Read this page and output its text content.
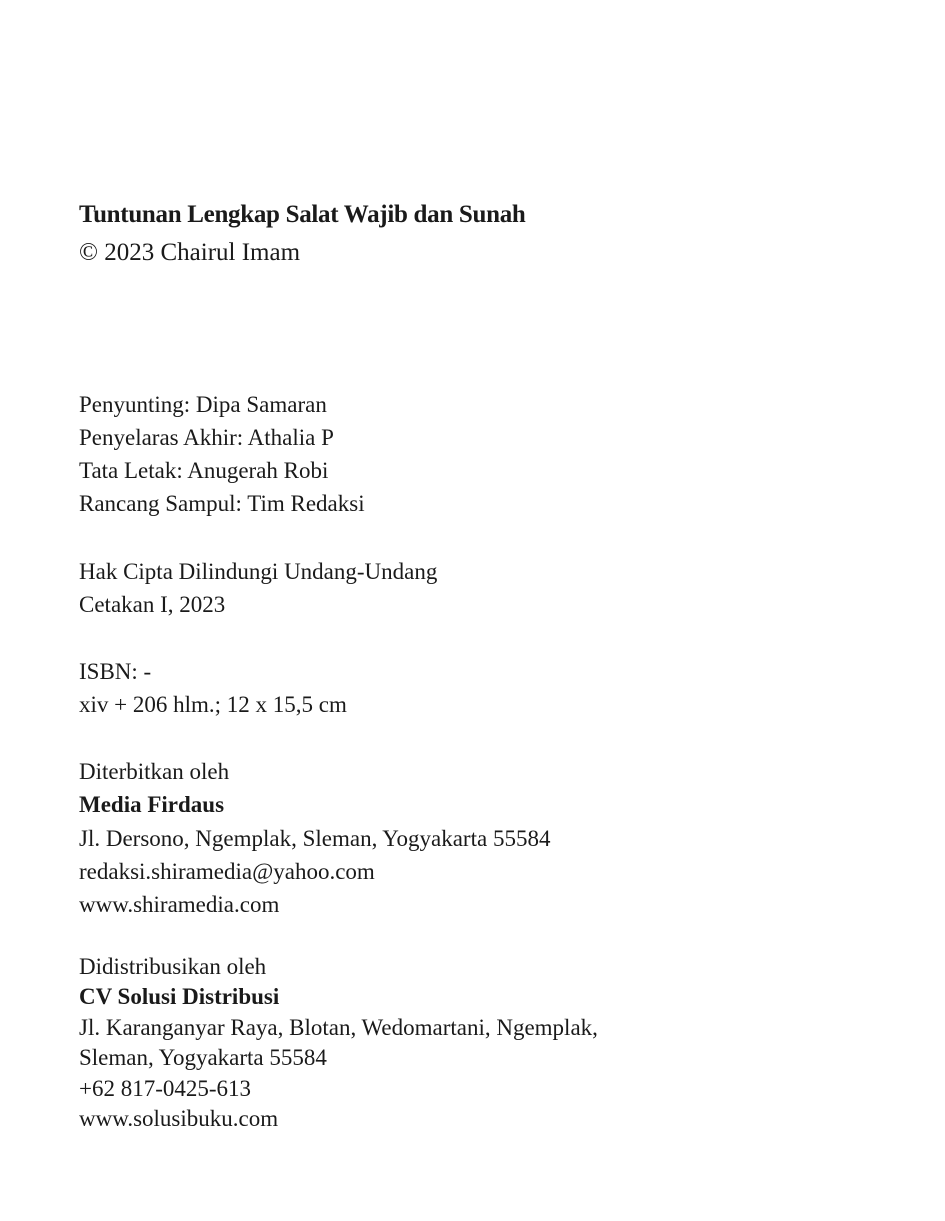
Tuntunan Lengkap Salat Wajib dan Sunah
© 2023 Chairul Imam
Penyunting: Dipa Samaran
Penyelaras Akhir: Athalia P
Tata Letak: Anugerah Robi
Rancang Sampul: Tim Redaksi
Hak Cipta Dilindungi Undang-Undang
Cetakan I, 2023
ISBN: -
xiv + 206 hlm.; 12 x 15,5 cm
Diterbitkan oleh
Media Firdaus
Jl. Dersono, Ngemplak, Sleman, Yogyakarta 55584
redaksi.shiramedia@yahoo.com
www.shiramedia.com
Didistribusikan oleh
CV Solusi Distribusi
Jl. Karanganyar Raya, Blotan, Wedomartani, Ngemplak,
Sleman, Yogyakarta 55584
+62 817-0425-613
www.solusibuku.com
